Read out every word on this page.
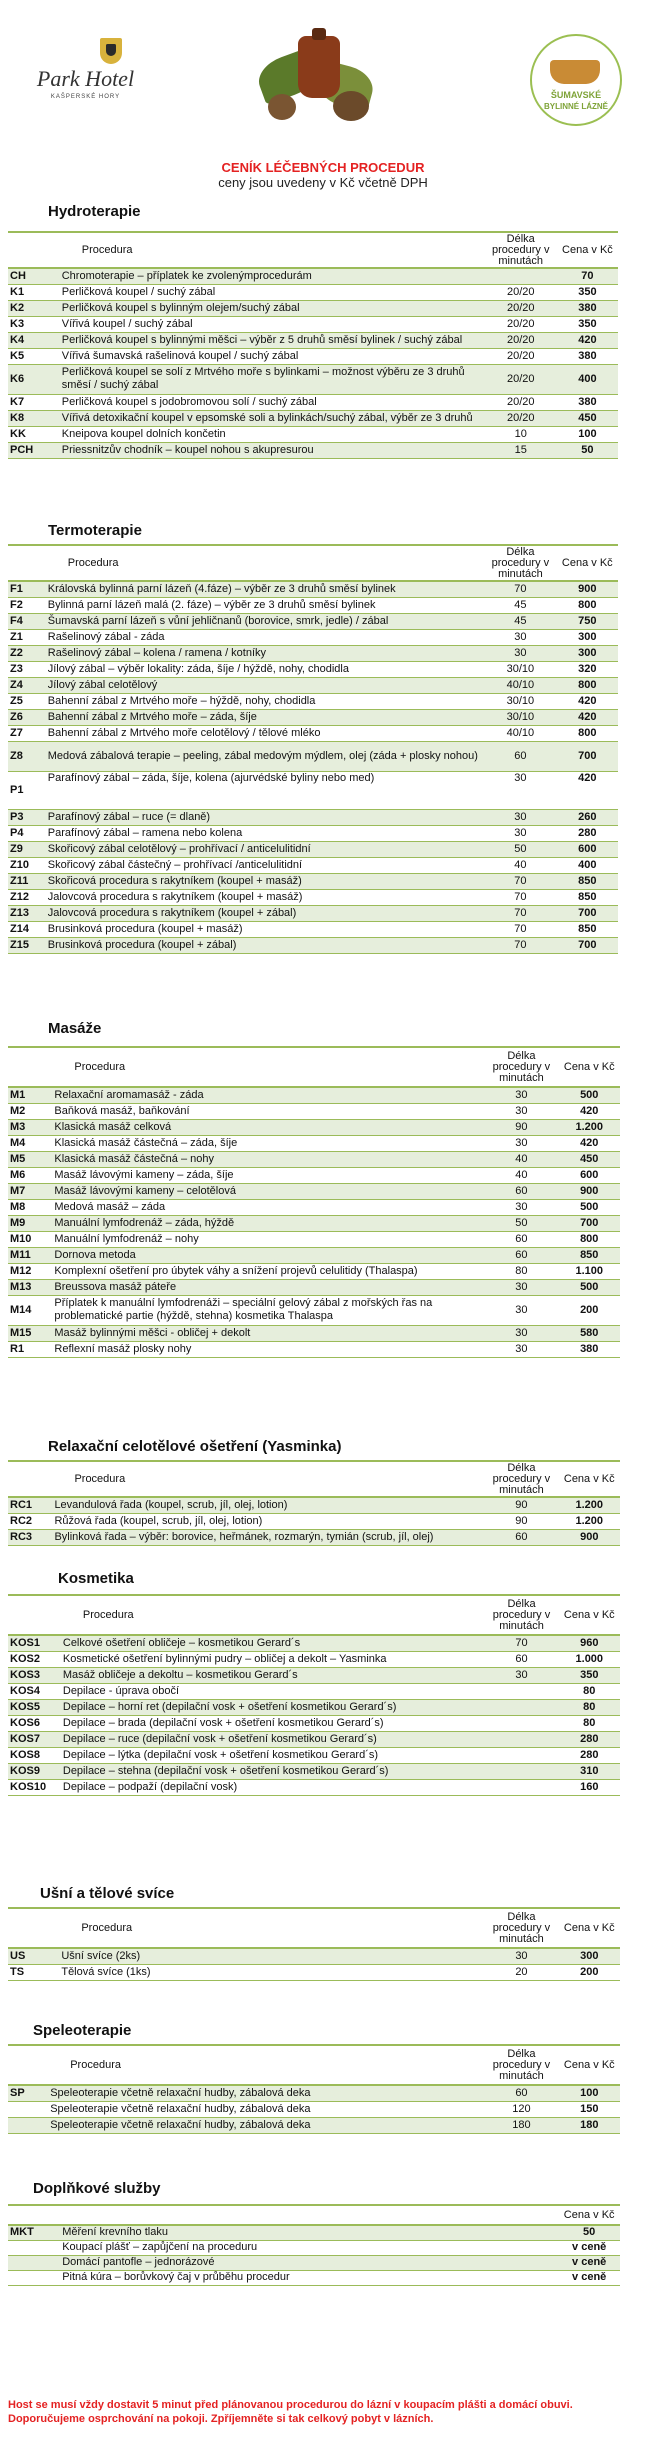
Park Hotel
KAŠPERSKÉ HORY	ŠUMAVSKÉ
BYLINNÉ LÁZNĚ
CENÍK LÉČEBNÝCH PROCEDUR
ceny jsou uvedeny v Kč včetně DPH
Hydroterapie
	Procedura	Délka procedury v minutách	Cena v Kč
CH	Chromoterapie – příplatek ke zvolenýmprocedurám		70
K1	Perličková koupel / suchý zábal	20/20	350
K2	Perličková koupel s bylinným olejem/suchý zábal	20/20	380
K3	Vířivá koupel / suchý zábal	20/20	350
K4	Perličková koupel s bylinnými měšci – výběr z 5 druhů směsí bylinek / suchý zábal	20/20	420
K5	Vířivá šumavská rašelinová koupel / suchý zábal	20/20	380
K6	Perličková koupel se solí z Mrtvého moře s bylinkami – možnost výběru ze 3 druhů směsí / suchý zábal	20/20	400
K7	Perličková koupel s jodobromovou solí / suchý zábal	20/20	380
K8	Vířivá detoxikační koupel v epsomské soli a bylinkách/suchý zábal, výběr ze 3 druhů	20/20	450
KK	Kneipova koupel dolních končetin	10	100
PCH	Priessnitzův chodník – koupel nohou s akupresurou	15	50
Termoterapie
	Procedura	Délka procedury v minutách	Cena v Kč
F1	Královská bylinná parní lázeň (4.fáze) – výběr ze 3 druhů směsí bylinek	70	900
F2	Bylinná parní lázeň malá (2. fáze) – výběr ze 3 druhů směsí bylinek	45	800
F4	Šumavská parní lázeň s vůní jehličnanů (borovice, smrk, jedle) / zábal	45	750
Z1	Rašelinový zábal - záda	30	300
Z2	Rašelinový zábal – kolena / ramena / kotníky	30	300
Z3	Jílový zábal – výběr lokality: záda, šíje / hýždě, nohy, chodidla	30/10	320
Z4	Jílový zábal celotělový	40/10	800
Z5	Bahenní zábal z Mrtvého moře – hýždě, nohy, chodidla	30/10	420
Z6	Bahenní zábal z Mrtvého moře – záda, šíje	30/10	420
Z7	Bahenní zábal z Mrtvého moře celotělový / tělové mléko	40/10	800
Z8	Medová zábalová terapie – peeling, zábal medovým mýdlem, olej (záda + plosky nohou)	60	700
P1	Parafínový zábal – záda, šíje, kolena (ajurvédské byliny nebo med)	30	420
P3	Parafínový zábal – ruce (= dlaně)	30	260
P4	Parafínový zábal – ramena nebo kolena	30	280
Z9	Skořicový zábal celotělový – prohřívací / anticelulitidní	50	600
Z10	Skořicový zábal částečný – prohřívací /anticelulitidní	40	400
Z11	Skořicová procedura s rakytníkem (koupel + masáž)	70	850
Z12	Jalovcová procedura s rakytníkem (koupel + masáž)	70	850
Z13	Jalovcová procedura s rakytníkem (koupel + zábal)	70	700
Z14	Brusinková procedura (koupel + masáž)	70	850
Z15	Brusinková procedura (koupel + zábal)	70	700
Masáže
	Procedura	Délka procedury v minutách	Cena v Kč
M1	Relaxační aromamasáž - záda	30	500
M2	Baňková masáž, baňkování	30	420
M3	Klasická masáž celková	90	1.200
M4	Klasická masáž částečná – záda, šíje	30	420
M5	Klasická masáž částečná – nohy	40	450
M6	Masáž lávovými kameny – záda, šíje	40	600
M7	Masáž lávovými kameny – celotělová	60	900
M8	Medová masáž – záda	30	500
M9	Manuální lymfodrenáž – záda, hýždě	50	700
M10	Manuální lymfodrenáž – nohy	60	800
M11	Dornova metoda	60	850
M12	Komplexní ošetření pro úbytek váhy a snížení projevů celulitidy (Thalaspa)	80	1.100
M13	Breussova masáž páteře	30	500
M14	Příplatek k manuální lymfodrenáži – speciální gelový zábal z mořských řas na problematické partie (hýždě, stehna) kosmetika Thalaspa	30	200
M15	Masáž bylinnými měšci - obličej + dekolt	30	580
R1	Reflexní masáž plosky nohy	30	380
Relaxační celotělové ošetření (Yasminka)
	Procedura	Délka procedury v minutách	Cena v Kč
RC1	Levandulová řada (koupel, scrub, jíl, olej, lotion)	90	1.200
RC2	Růžová řada (koupel, scrub, jíl, olej, lotion)	90	1.200
RC3	Bylinková řada – výběr: borovice, heřmánek, rozmarýn, tymián (scrub, jíl, olej)	60	900
Kosmetika
	Procedura	Délka procedury v minutách	Cena v Kč
KOS1	Celkové ošetření obličeje – kosmetikou Gerard´s	70	960
KOS2	Kosmetické ošetření bylinnými pudry – obličej a dekolt – Yasminka	60	1.000
KOS3	Masáž obličeje a dekoltu – kosmetikou Gerard´s	30	350
KOS4	Depilace - úprava obočí		80
KOS5	Depilace – horní ret (depilační vosk + ošetření kosmetikou Gerard´s)		80
KOS6	Depilace – brada (depilační vosk + ošetření kosmetikou Gerard´s)		80
KOS7	Depilace – ruce (depilační vosk + ošetření kosmetikou Gerard´s)		280
KOS8	Depilace – lýtka (depilační vosk + ošetření kosmetikou Gerard´s)		280
KOS9	Depilace – stehna (depilační vosk + ošetření kosmetikou Gerard´s)		310
KOS10	Depilace – podpaží (depilační vosk)		160
Ušní a tělové svíce
	Procedura	Délka procedury v minutách	Cena v Kč
US	Ušní svíce (2ks)	30	300
TS	Tělová svíce (1ks)	20	200
Speleoterapie
	Procedura	Délka procedury v minutách	Cena v Kč
SP	Speleoterapie včetně relaxační hudby, zábalová deka	60	100
	Speleoterapie včetně relaxační hudby, zábalová deka	120	150
	Speleoterapie včetně relaxační hudby, zábalová deka	180	180
Doplňkové služby
			Cena v Kč
MKT	Měření krevního tlaku		50
	Koupací plášť – zapůjčení na proceduru		v ceně
	Domácí pantofle – jednorázové		v ceně
	Pitná kúra – borůvkový čaj v průběhu procedur		v ceně
Host se musí vždy dostavit 5 minut před plánovanou procedurou do lázní v koupacím plášti a domácí obuvi. Doporučujeme osprchování na pokoji. Zpříjemněte si tak celkový pobyt v lázních.
